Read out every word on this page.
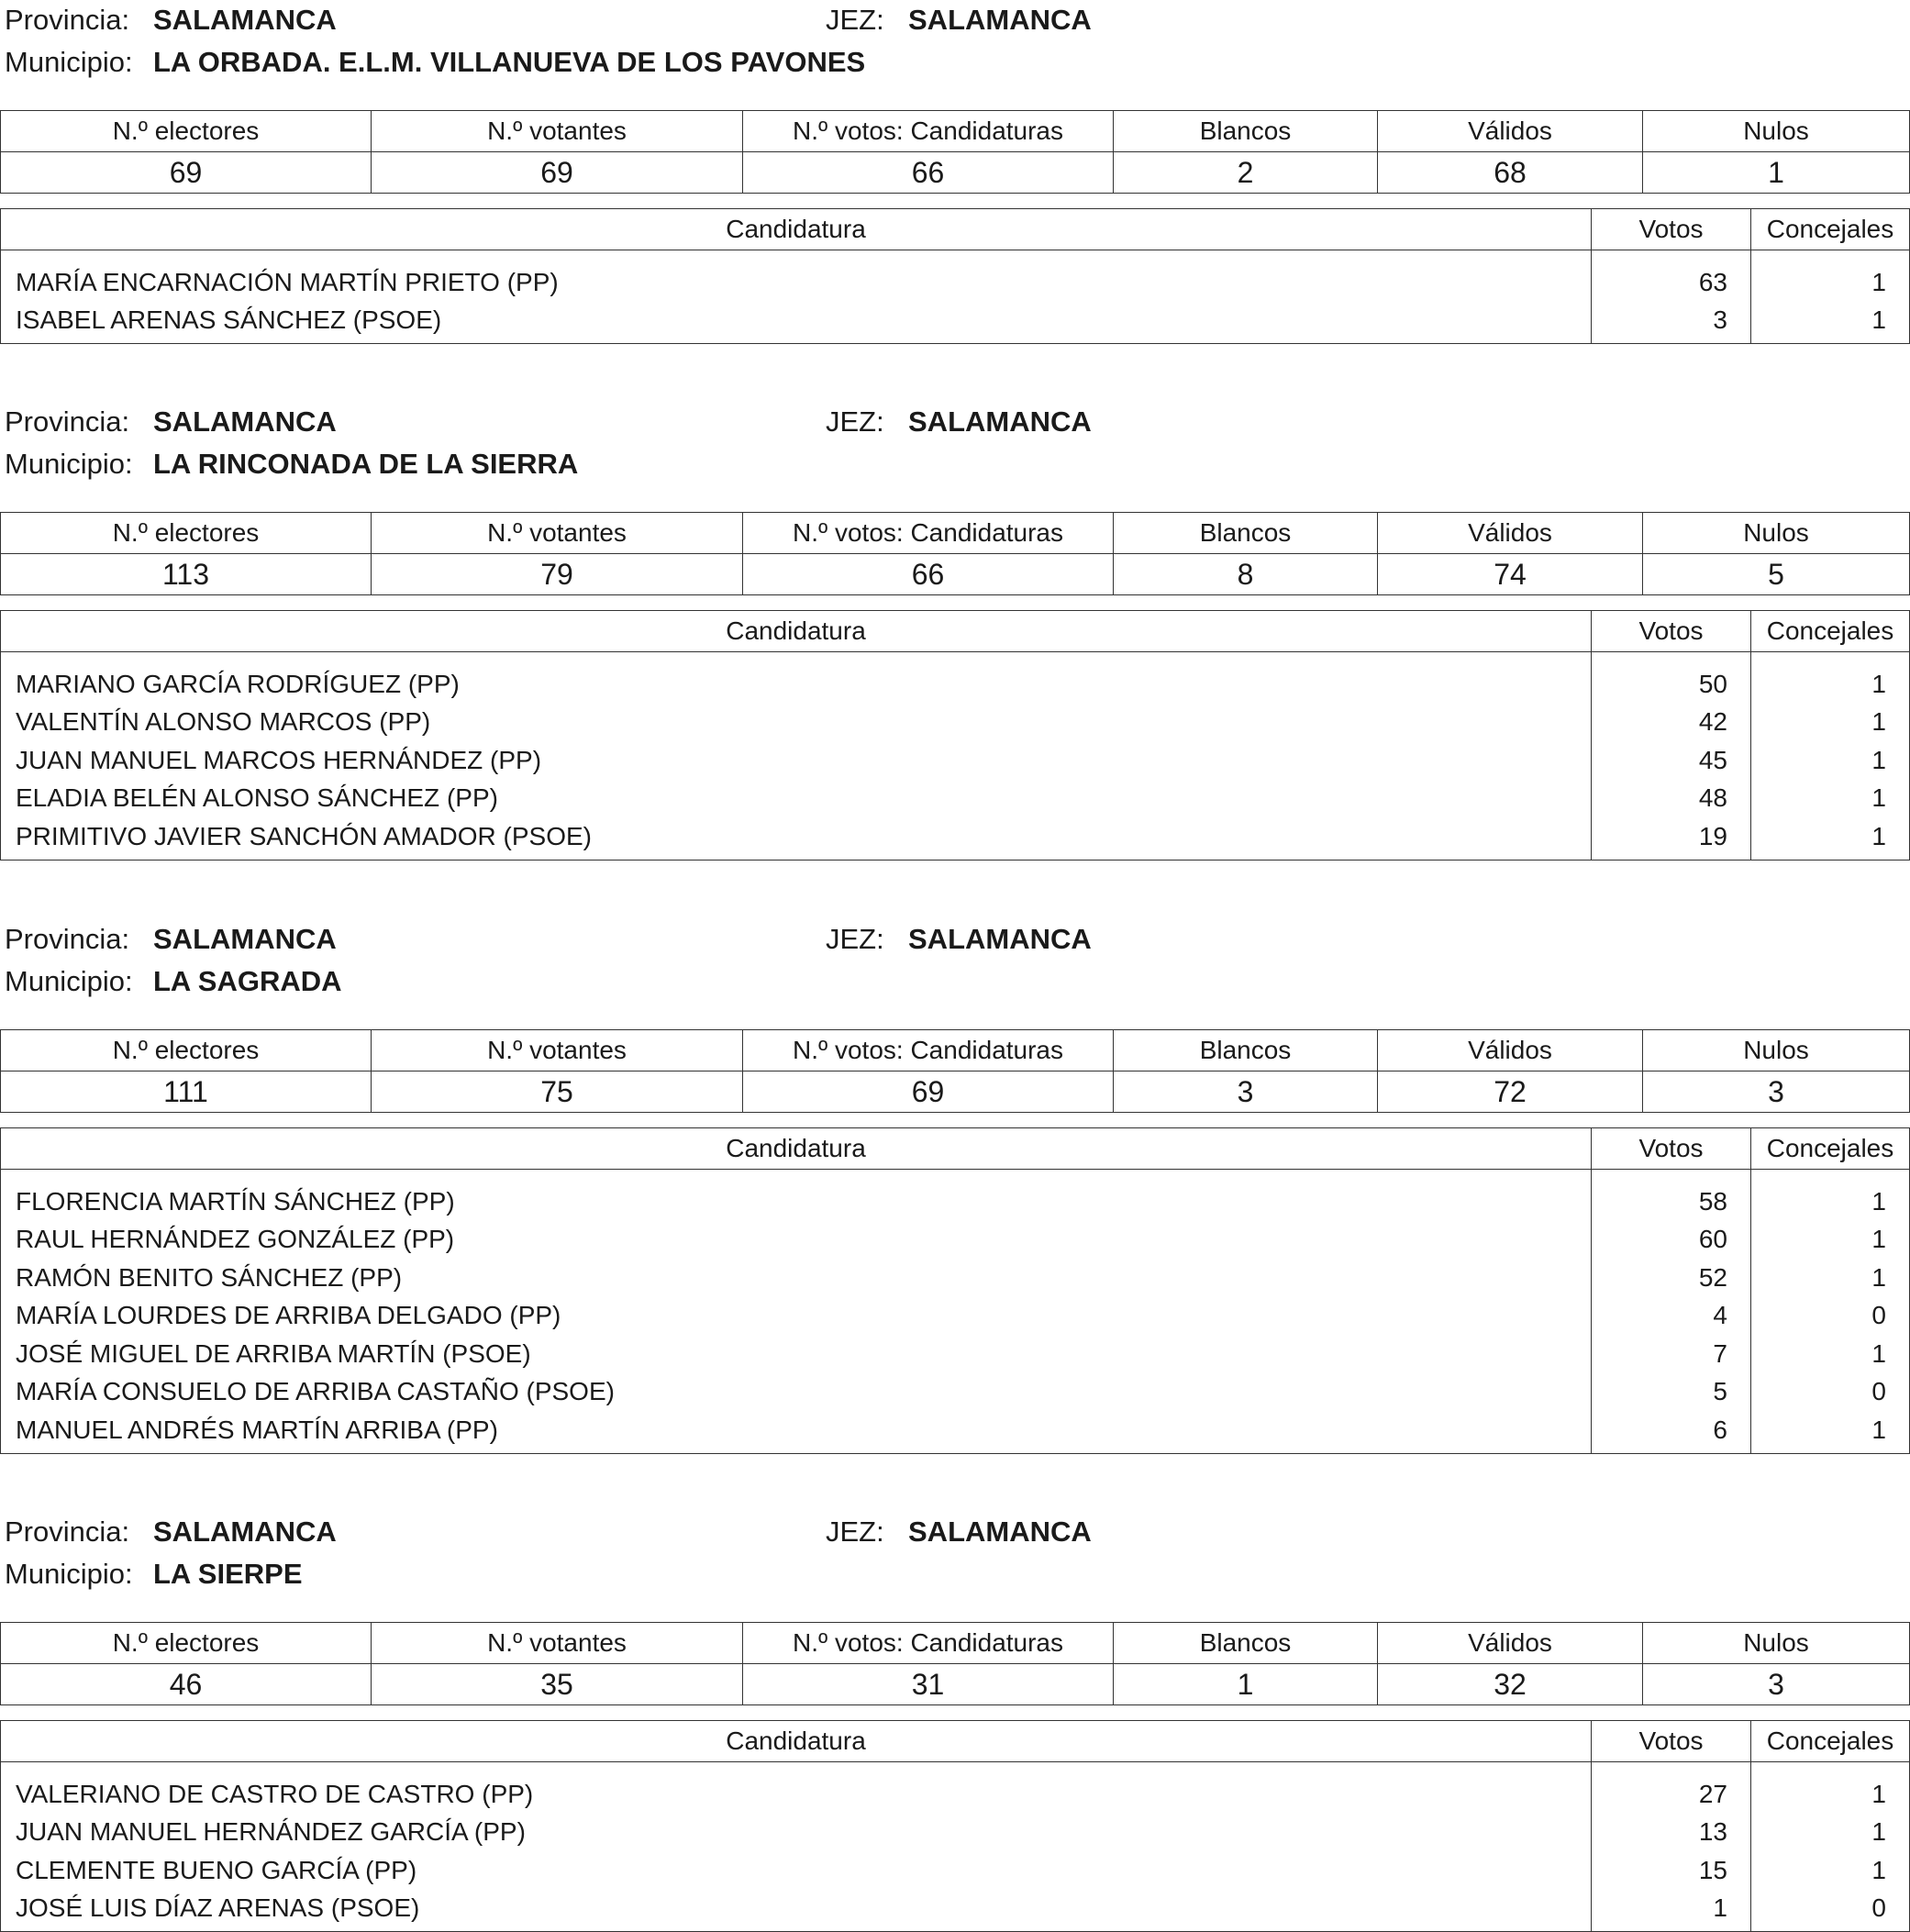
Provincia: SALAMANCA	JEZ: SALAMANCA
Municipio: LA ORBADA. E.L.M. VILLANUEVA DE LOS PAVONES
N.º electores	N.º votantes	N.º votos: Candidaturas	Blancos	Válidos	Nulos
69	69	66	2	68	1
Candidatura	Votos	Concejales

MARÍA ENCARNACIÓN MARTÍN PRIETO (PP)	63	1
ISABEL ARENAS SÁNCHEZ (PSOE)	3	1

Provincia: SALAMANCA	JEZ: SALAMANCA
Municipio: LA RINCONADA DE LA SIERRA
N.º electores	N.º votantes	N.º votos: Candidaturas	Blancos	Válidos	Nulos
113	79	66	8	74	5
Candidatura	Votos	Concejales

MARIANO GARCÍA RODRÍGUEZ (PP)	50	1
VALENTÍN ALONSO MARCOS (PP)	42	1
JUAN MANUEL MARCOS HERNÁNDEZ (PP)	45	1
ELADIA BELÉN ALONSO SÁNCHEZ (PP)	48	1
PRIMITIVO JAVIER SANCHÓN AMADOR (PSOE)	19	1

Provincia: SALAMANCA	JEZ: SALAMANCA
Municipio: LA SAGRADA
N.º electores	N.º votantes	N.º votos: Candidaturas	Blancos	Válidos	Nulos
111	75	69	3	72	3
Candidatura	Votos	Concejales

FLORENCIA MARTÍN SÁNCHEZ (PP)	58	1
RAUL HERNÁNDEZ GONZÁLEZ (PP)	60	1
RAMÓN BENITO SÁNCHEZ (PP)	52	1
MARÍA LOURDES DE ARRIBA DELGADO (PP)	4	0
JOSÉ MIGUEL DE ARRIBA MARTÍN (PSOE)	7	1
MARÍA CONSUELO DE ARRIBA CASTAÑO (PSOE)	5	0
MANUEL ANDRÉS MARTÍN ARRIBA (PP)	6	1

Provincia: SALAMANCA	JEZ: SALAMANCA
Municipio: LA SIERPE
N.º electores	N.º votantes	N.º votos: Candidaturas	Blancos	Válidos	Nulos
46	35	31	1	32	3
Candidatura	Votos	Concejales

VALERIANO DE CASTRO DE CASTRO (PP)	27	1
JUAN MANUEL HERNÁNDEZ GARCÍA (PP)	13	1
CLEMENTE BUENO GARCÍA (PP)	15	1
JOSÉ LUIS DÍAZ ARENAS (PSOE)	1	0
